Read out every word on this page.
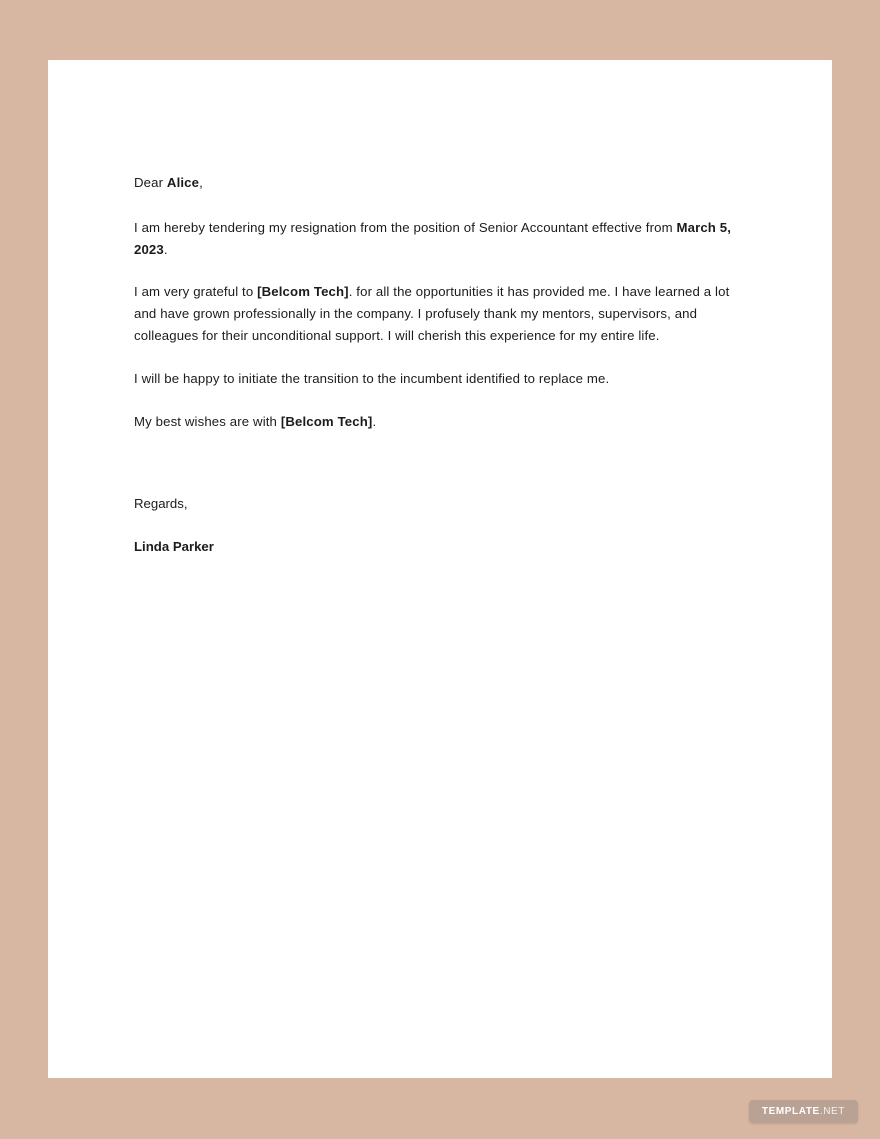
Dear Alice,

I am hereby tendering my resignation from the position of Senior Accountant effective from March 5, 2023.

I am very grateful to [Belcom Tech]. for all the opportunities it has provided me. I have learned a lot and have grown professionally in the company. I profusely thank my mentors, supervisors, and colleagues for their unconditional support. I will cherish this experience for my entire life.

I will be happy to initiate the transition to the incumbent identified to replace me.

My best wishes are with [Belcom Tech].

Regards,

Linda Parker

TEMPLATE.NET
